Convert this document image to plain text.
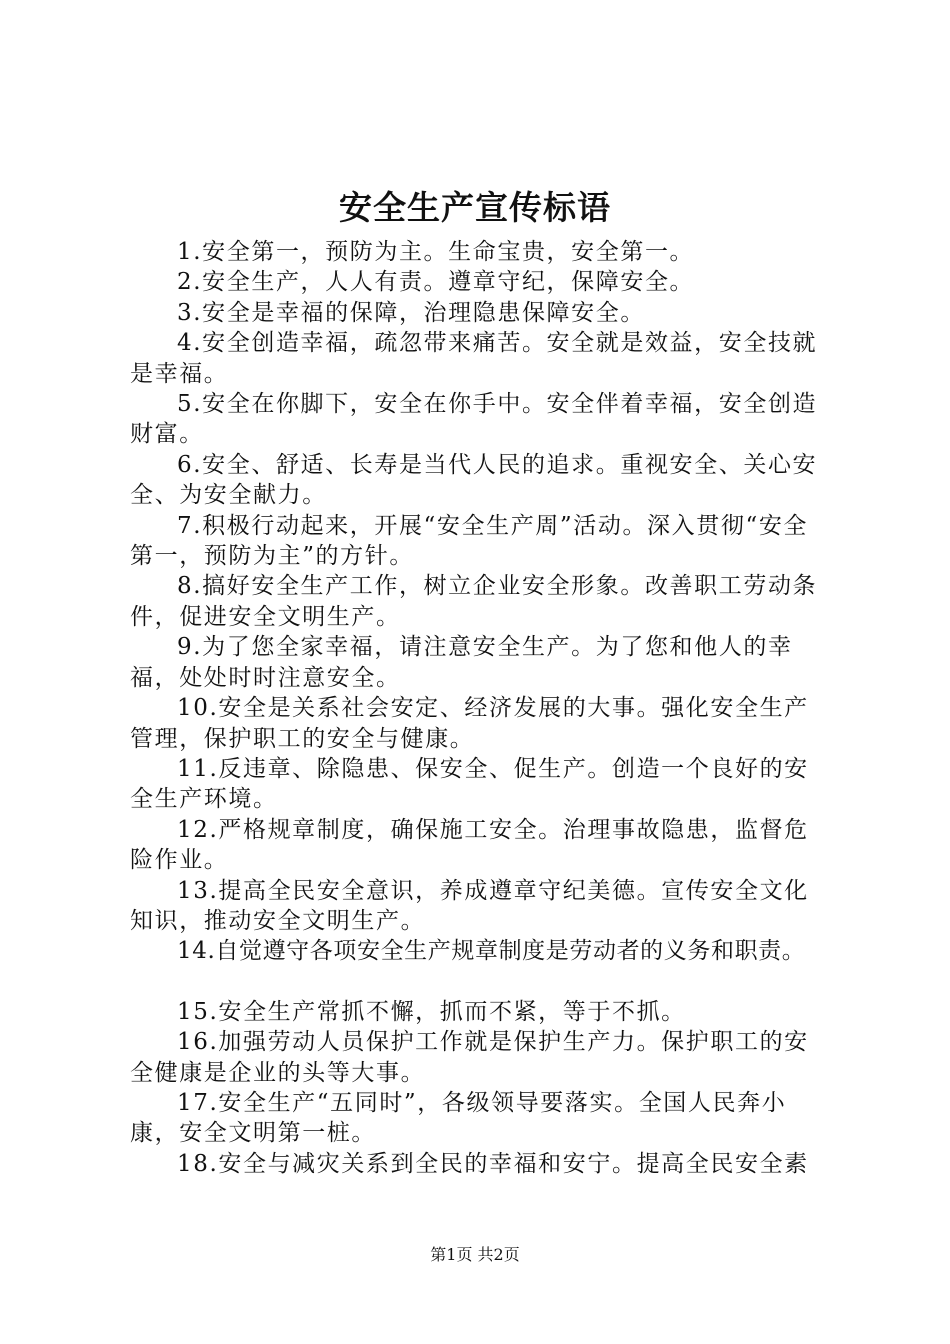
安全生产宣传标语

1.安全第一，预防为主。生命宝贵，安全第一。

2.安全生产，人人有责。遵章守纪，保障安全。

3.安全是幸福的保障，治理隐患保障安全。

4.安全创造幸福，疏忽带来痛苦。安全就是效益，安全技就是幸福。

5.安全在你脚下，安全在你手中。安全伴着幸福，安全创造财富。

6.安全、舒适、长寿是当代人民的追求。重视安全、关心安全、为安全献力。

7.积极行动起来，开展“安全生产周”活动。深入贯彻“安全第一，预防为主”的方针。

8.搞好安全生产工作，树立企业安全形象。改善职工劳动条件，促进安全文明生产。

9.为了您全家幸福，请注意安全生产。为了您和他人的幸福，处处时时注意安全。

10.安全是关系社会安定、经济发展的大事。强化安全生产管理，保护职工的安全与健康。

11.反违章、除隐患、保安全、促生产。创造一个良好的安全生产环境。

12.严格规章制度，确保施工安全。治理事故隐患，监督危险作业。

13.提高全民安全意识，养成遵章守纪美德。宣传安全文化知识，推动安全文明生产。

14.自觉遵守各项安全生产规章制度是劳动者的义务和职责。

15.安全生产常抓不懈，抓而不紧，等于不抓。

16.加强劳动人员保护工作就是保护生产力。保护职工的安全健康是企业的头等大事。

17.安全生产“五同时”，各级领导要落实。全国人民奔小康，安全文明第一桩。

18.安全与减灾关系到全民的幸福和安宁。提高全民安全素

第1页 共2页
